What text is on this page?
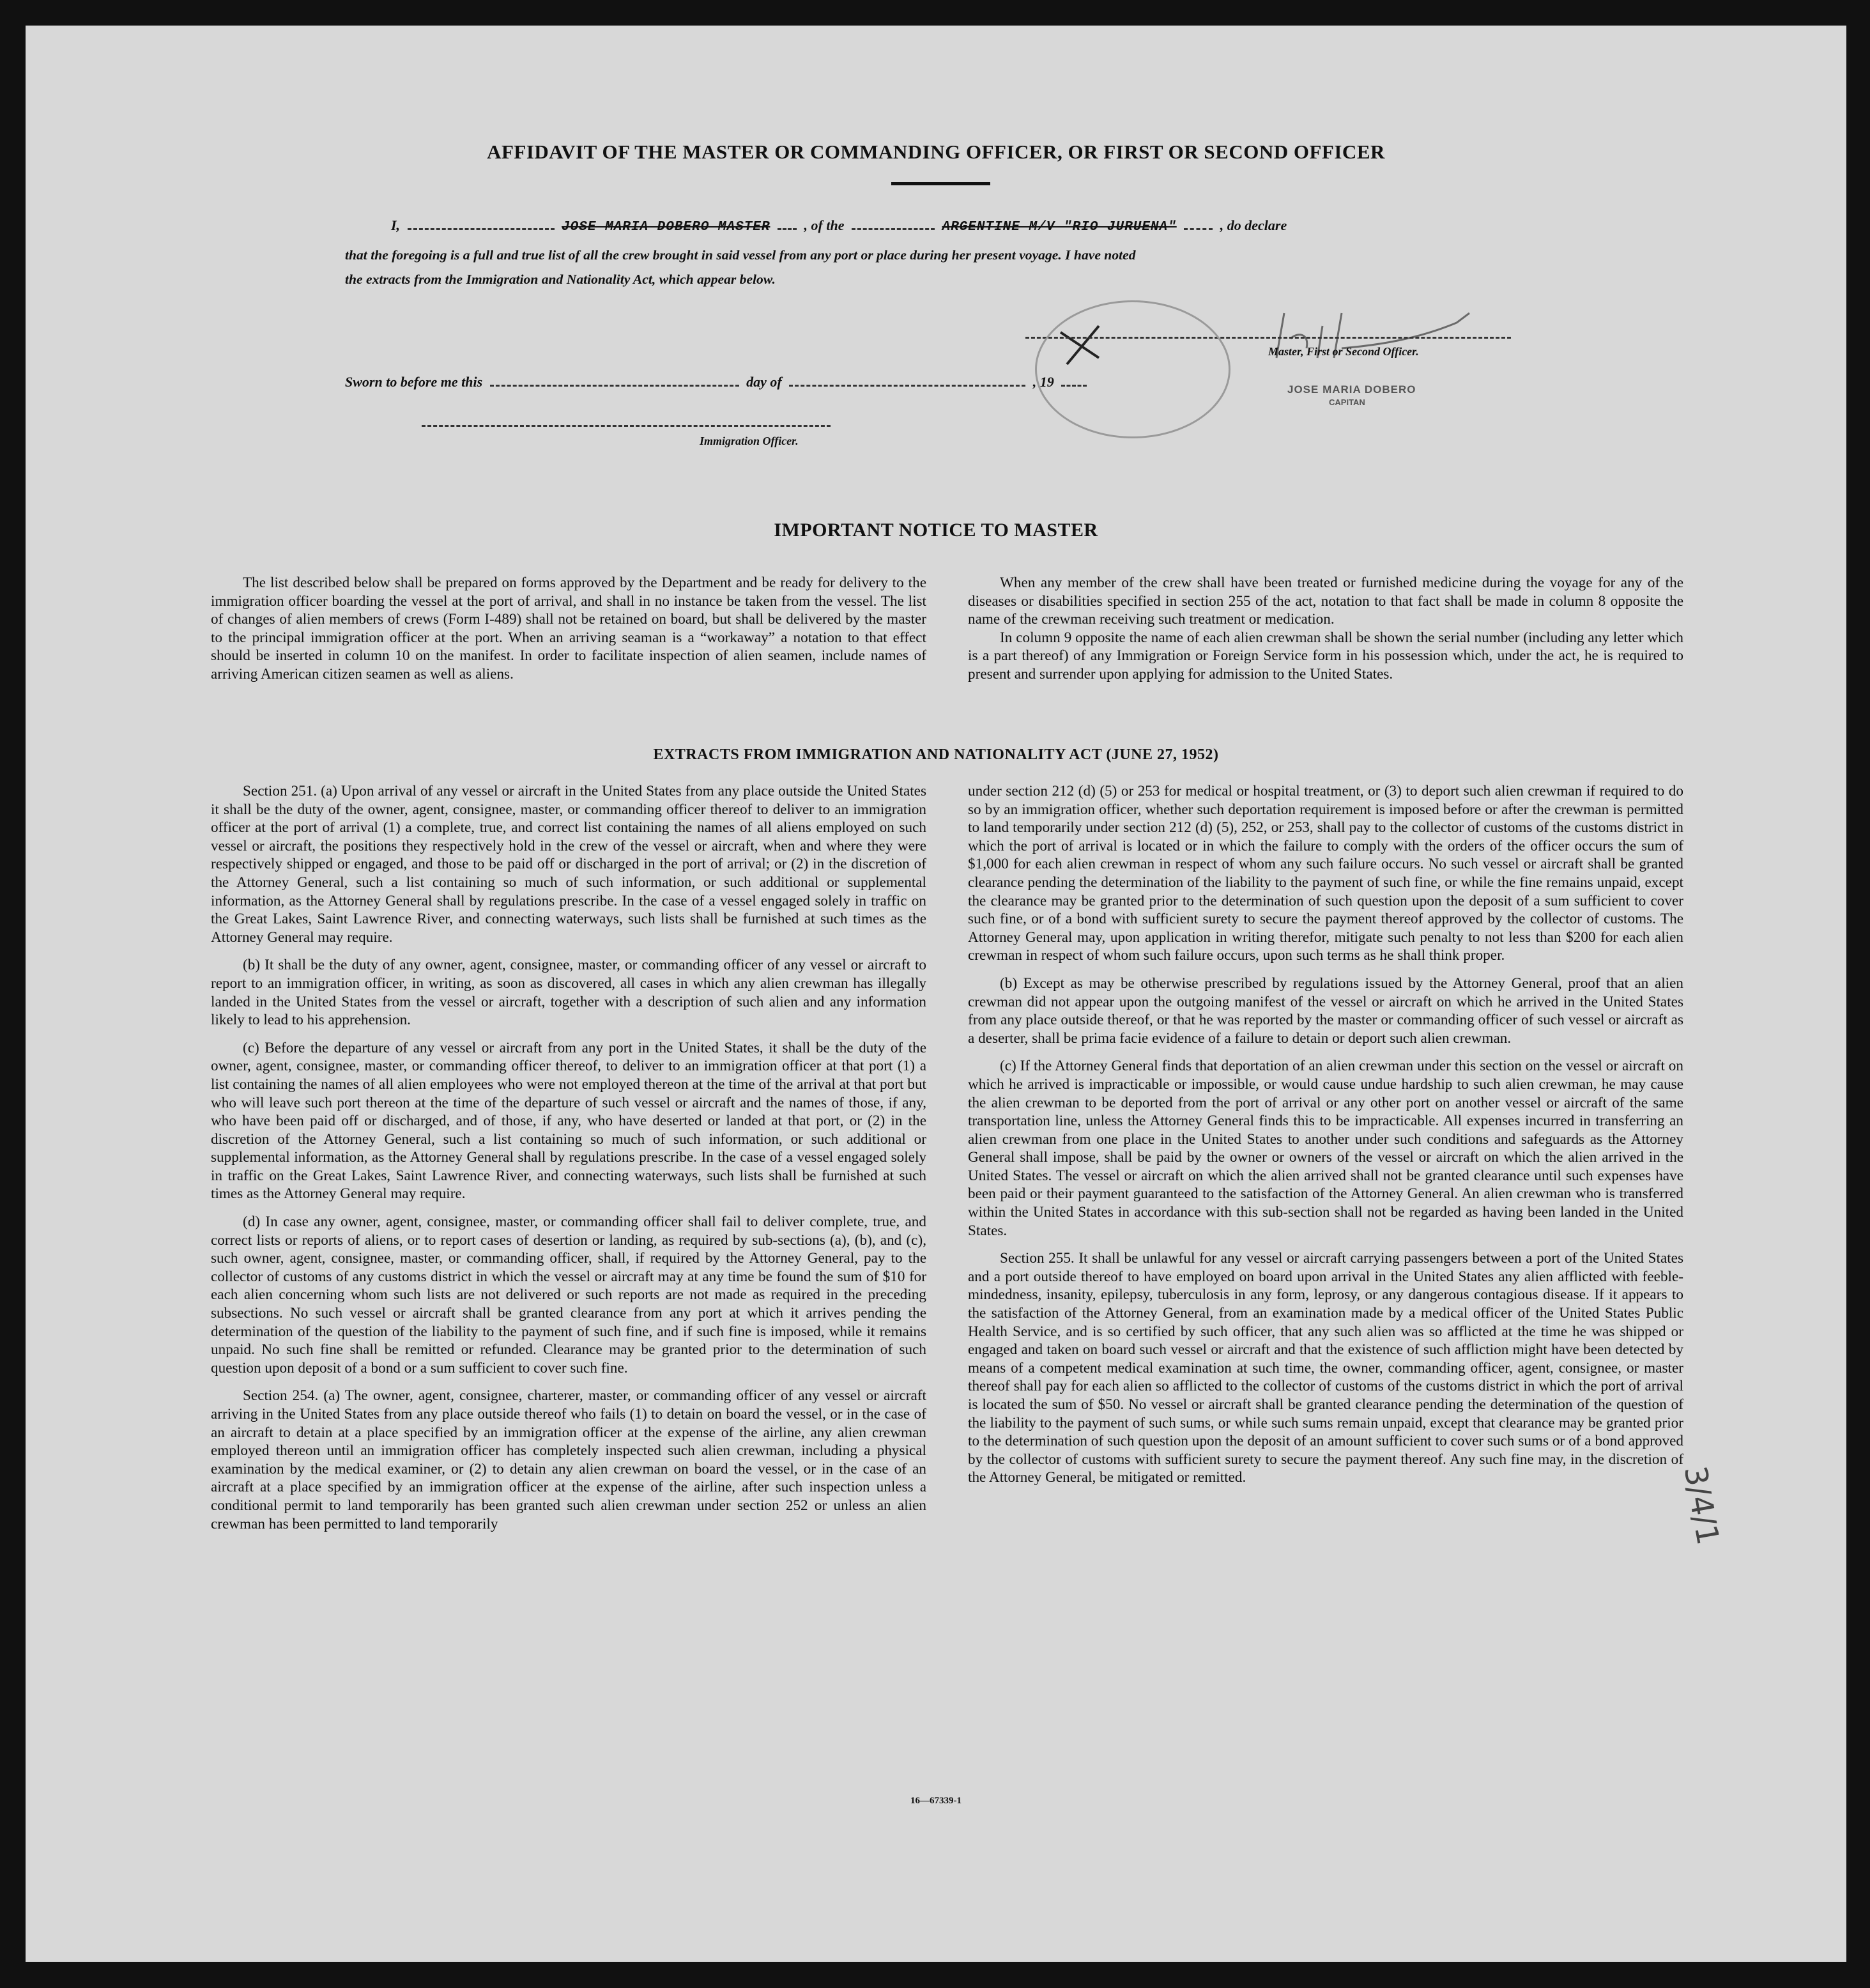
AFFIDAVIT OF THE MASTER OR COMMANDING OFFICER, OR FIRST OR SECOND OFFICER
I,	JOSE MARIA DOBERO MASTER , of the	ARGENTINE M/V "RIO JURUENA"	, do declare
that the foregoing is a full and true list of all the crew brought in said vessel from any port or place during her present voyage. I have noted
the extracts from the Immigration and Nationality Act, which appear below.
Master, First or Second Officer.
JOSE MARIA DOBERO
CAPITAN
Sworn to before me this	day of	, 19
Immigration Officer.
IMPORTANT NOTICE TO MASTER

The list described below shall be prepared on forms approved by the Department and be ready for delivery to the immigration officer boarding the vessel at the port of arrival, and shall in no instance be taken from the vessel. The list of changes of alien members of crews (Form I-489) shall not be retained on board, but shall be delivered by the master to the principal immigration officer at the port. When an arriving seaman is a “workaway” a notation to that effect should be inserted in column 10 on the manifest. In order to facilitate inspection of alien seamen, include names of arriving American citizen seamen as well as aliens.

When any member of the crew shall have been treated or furnished medicine during the voyage for any of the diseases or disabilities specified in section 255 of the act, notation to that fact shall be made in column 8 opposite the name of the crewman receiving such treatment or medication.

In column 9 opposite the name of each alien crewman shall be shown the serial number (including any letter which is a part thereof) of any Immigration or Foreign Service form in his possession which, under the act, he is required to present and surrender upon applying for admission to the United States.

EXTRACTS FROM IMMIGRATION AND NATIONALITY ACT (JUNE 27, 1952)

Section 251. (a) Upon arrival of any vessel or aircraft in the United States from any place outside the United States it shall be the duty of the owner, agent, consignee, master, or commanding officer thereof to deliver to an immigration officer at the port of arrival (1) a complete, true, and correct list containing the names of all aliens employed on such vessel or aircraft, the positions they respectively hold in the crew of the vessel or aircraft, when and where they were respectively shipped or engaged, and those to be paid off or discharged in the port of arrival; or (2) in the discretion of the Attorney General, such a list containing so much of such information, or such additional or supplemental information, as the Attorney General shall by regulations prescribe. In the case of a vessel engaged solely in traffic on the Great Lakes, Saint Lawrence River, and connecting waterways, such lists shall be furnished at such times as the Attorney General may require.

(b) It shall be the duty of any owner, agent, consignee, master, or commanding officer of any vessel or aircraft to report to an immigration officer, in writing, as soon as discovered, all cases in which any alien crewman has illegally landed in the United States from the vessel or aircraft, together with a description of such alien and any information likely to lead to his apprehension.

(c) Before the departure of any vessel or aircraft from any port in the United States, it shall be the duty of the owner, agent, consignee, master, or commanding officer thereof, to deliver to an immigration officer at that port (1) a list containing the names of all alien employees who were not employed thereon at the time of the arrival at that port but who will leave such port thereon at the time of the departure of such vessel or aircraft and the names of those, if any, who have been paid off or discharged, and of those, if any, who have deserted or landed at that port, or (2) in the discretion of the Attorney General, such a list containing so much of such information, or such additional or supplemental information, as the Attorney General shall by regulations prescribe. In the case of a vessel engaged solely in traffic on the Great Lakes, Saint Lawrence River, and connecting waterways, such lists shall be furnished at such times as the Attorney General may require.

(d) In case any owner, agent, consignee, master, or commanding officer shall fail to deliver complete, true, and correct lists or reports of aliens, or to report cases of desertion or landing, as required by sub-sections (a), (b), and (c), such owner, agent, consignee, master, or commanding officer, shall, if required by the Attorney General, pay to the collector of customs of any customs district in which the vessel or aircraft may at any time be found the sum of $10 for each alien concerning whom such lists are not delivered or such reports are not made as required in the preceding subsections. No such vessel or aircraft shall be granted clearance from any port at which it arrives pending the determination of the question of the liability to the payment of such fine, and if such fine is imposed, while it remains unpaid. No such fine shall be remitted or refunded. Clearance may be granted prior to the determination of such question upon deposit of a bond or a sum sufficient to cover such fine.

Section 254. (a) The owner, agent, consignee, charterer, master, or commanding officer of any vessel or aircraft arriving in the United States from any place outside thereof who fails (1) to detain on board the vessel, or in the case of an aircraft to detain at a place specified by an immigration officer at the expense of the airline, any alien crewman employed thereon until an immigration officer has completely inspected such alien crewman, including a physical examination by the medical examiner, or (2) to detain any alien crewman on board the vessel, or in the case of an aircraft at a place specified by an immigration officer at the expense of the airline, after such inspection unless a conditional permit to land temporarily has been granted such alien crewman under section 252 or unless an alien crewman has been permitted to land temporarily

under section 212 (d) (5) or 253 for medical or hospital treatment, or (3) to deport such alien crewman if required to do so by an immigration officer, whether such deportation requirement is imposed before or after the crewman is permitted to land temporarily under section 212 (d) (5), 252, or 253, shall pay to the collector of customs of the customs district in which the port of arrival is located or in which the failure to comply with the orders of the officer occurs the sum of $1,000 for each alien crewman in respect of whom any such failure occurs. No such vessel or aircraft shall be granted clearance pending the determination of the liability to the payment of such fine, or while the fine remains unpaid, except the clearance may be granted prior to the determination of such question upon the deposit of a sum sufficient to cover such fine, or of a bond with sufficient surety to secure the payment thereof approved by the collector of customs. The Attorney General may, upon application in writing therefor, mitigate such penalty to not less than $200 for each alien crewman in respect of whom such failure occurs, upon such terms as he shall think proper.

(b) Except as may be otherwise prescribed by regulations issued by the Attorney General, proof that an alien crewman did not appear upon the outgoing manifest of the vessel or aircraft on which he arrived in the United States from any place outside thereof, or that he was reported by the master or commanding officer of such vessel or aircraft as a deserter, shall be prima facie evidence of a failure to detain or deport such alien crewman.

(c) If the Attorney General finds that deportation of an alien crewman under this section on the vessel or aircraft on which he arrived is impracticable or impossible, or would cause undue hardship to such alien crewman, he may cause the alien crewman to be deported from the port of arrival or any other port on another vessel or aircraft of the same transportation line, unless the Attorney General finds this to be impracticable. All expenses incurred in transferring an alien crewman from one place in the United States to another under such conditions and safeguards as the Attorney General shall impose, shall be paid by the owner or owners of the vessel or aircraft on which the alien arrived in the United States. The vessel or aircraft on which the alien arrived shall not be granted clearance until such expenses have been paid or their payment guaranteed to the satisfaction of the Attorney General. An alien crewman who is transferred within the United States in accordance with this sub-section shall not be regarded as having been landed in the United States.

Section 255. It shall be unlawful for any vessel or aircraft carrying passengers between a port of the United States and a port outside thereof to have employed on board upon arrival in the United States any alien afflicted with feeble-mindedness, insanity, epilepsy, tuberculosis in any form, leprosy, or any dangerous contagious disease. If it appears to the satisfaction of the Attorney General, from an examination made by a medical officer of the United States Public Health Service, and is so certified by such officer, that any such alien was so afflicted at the time he was shipped or engaged and taken on board such vessel or aircraft and that the existence of such affliction might have been detected by means of a competent medical examination at such time, the owner, commanding officer, agent, consignee, or master thereof shall pay for each alien so afflicted to the collector of customs of the customs district in which the port of arrival is located the sum of $50. No vessel or aircraft shall be granted clearance pending the determination of the question of the liability to the payment of such sums, or while such sums remain unpaid, except that clearance may be granted prior to the determination of such question upon the deposit of an amount sufficient to cover such sums or of a bond approved by the collector of customs with sufficient surety to secure the payment thereof. Any such fine may, in the discretion of the Attorney General, be mitigated or remitted.	3/4/1
16—67339-1
